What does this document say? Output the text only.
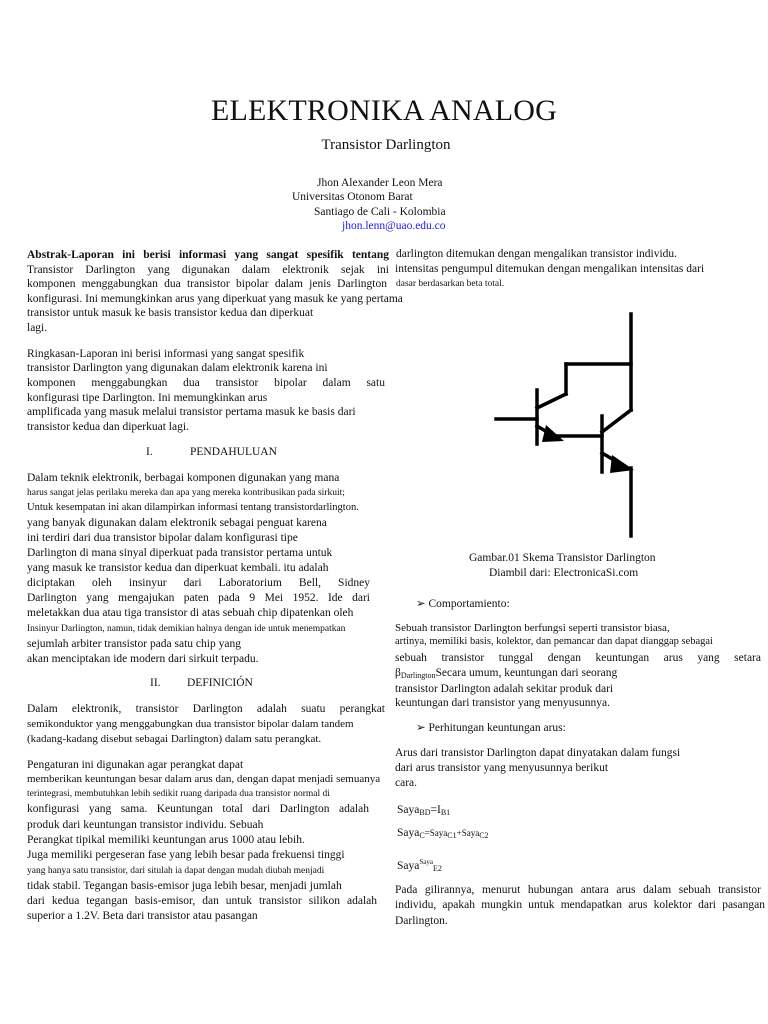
ELEKTRONIKA ANALOG
Transistor Darlington
Jhon Alexander Leon Mera
Universitas Otonom Barat
Santiago de Cali - Kolombia
jhon.lenn@uao.edu.co
Abstrak-Laporan ini berisi informasi yang sangat spesifik tentang
Transistor Darlington yang digunakan dalam elektronik sejak ini
komponen menggabungkan dua transistor bipolar dalam jenis Darlington
konfigurasi. Ini memungkinkan arus yang diperkuat yang masuk ke yang pertama
transistor untuk masuk ke basis transistor kedua dan diperkuat
lagi.
Ringkasan-Laporan ini berisi informasi yang sangat spesifik
transistor Darlington yang digunakan dalam elektronik karena ini
komponen menggabungkan dua transistor bipolar dalam satu
konfigurasi tipe Darlington. Ini memungkinkan arus
amplificada yang masuk melalui transistor pertama masuk ke basis dari
transistor kedua dan diperkuat lagi.
I.	PENDAHULUAN
Dalam teknik elektronik, berbagai komponen digunakan yang mana
harus sangat jelas perilaku mereka dan apa yang mereka kontribusikan pada sirkuit;
Untuk kesempatan ini akan dilampirkan informasi tentang transistordarlington.
yang banyak digunakan dalam elektronik sebagai penguat karena
ini terdiri dari dua transistor bipolar dalam konfigurasi tipe
Darlington di mana sinyal diperkuat pada transistor pertama untuk
yang masuk ke transistor kedua dan diperkuat kembali. itu adalah
diciptakan oleh insinyur dari Laboratorium Bell, Sidney
Darlington yang mengajukan paten pada 9 Mei 1952. Ide dari
meletakkan dua atau tiga transistor di atas sebuah chip dipatenkan oleh
Insinyur Darlington, namun, tidak demikian halnya dengan ide untuk menempatkan
sejumlah arbiter transistor pada satu chip yang
akan menciptakan ide modern dari sirkuit terpadu.
II. DEFINICIÓN
Dalam elektronik, transistor Darlington adalah suatu perangkat
semikonduktor yang menggabungkan dua transistor bipolar dalam tandem
(kadang-kadang disebut sebagai Darlington) dalam satu perangkat.
Pengaturan ini digunakan agar perangkat dapat
memberikan keuntungan besar dalam arus dan, dengan dapat menjadi semuanya
terintegrasi, membutuhkan lebih sedikit ruang daripada dua transistor normal di
konfigurasi yang sama. Keuntungan total dari Darlington adalah
produk dari keuntungan transistor individu. Sebuah
Perangkat tipikal memiliki keuntungan arus 1000 atau lebih.
Juga memiliki pergeseran fase yang lebih besar pada frekuensi tinggi
yang hanya satu transistor, dari situlah ia dapat dengan mudah diubah menjadi
tidak stabil. Tegangan basis-emisor juga lebih besar, menjadi jumlah
dari kedua tegangan basis-emisor, dan untuk transistor silikon adalah
superior a 1.2V. Beta dari transistor atau pasangan
darlington ditemukan dengan mengalikan transistor individu.
intensitas pengumpul ditemukan dengan mengalikan intensitas dari
dasar berdasarkan beta total.
Gambar.01 Skema Transistor Darlington
Diambil dari: ElectronicaSi.com
➢ Comportamiento:
Sebuah transistor Darlington berfungsi seperti transistor biasa,
artinya, memiliki basis, kolektor, dan pemancar dan dapat dianggap sebagai
sebuah transistor tunggal dengan keuntungan arus yang setara
$\beta_{Darlington}Secara$ umum, keuntungan dari seorang
transistor Darlington adalah sekitar produk dari
keuntungan dari transistor yang menyusunnya.
➢ Perhitungan keuntungan arus:
Arus dari transistor Darlington dapat dinyatakan dalam fungsi
dari arus transistor yang menyusunnya berikut
cara.
$Saya_{BD}=I_{B1}$
Saya$_C$=Saya$_{C1}$+Saya$_{C2}$
Saya$^{Saya}_{E2}$
Pada gilirannya, menurut hubungan antara arus dalam sebuah transistor
individu, apakah mungkin untuk mendapatkan arus kolektor dari pasangan
Darlington.
